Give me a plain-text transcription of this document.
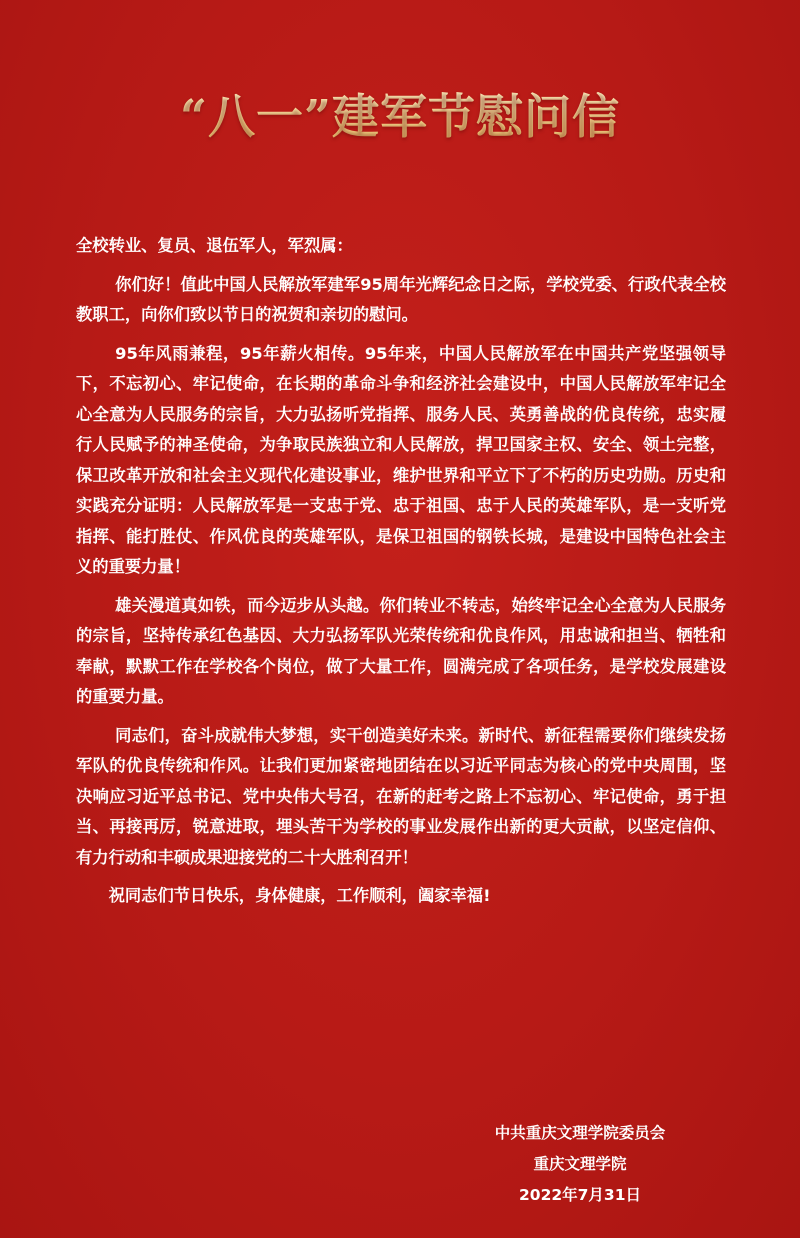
“八一”建军节慰问信

全校转业、复员、退伍军人，军烈属：

你们好！值此中国人民解放军建军95周年光辉纪念日之际，学校党委、行政代表全校教职工，向你们致以节日的祝贺和亲切的慰问。

95年风雨兼程，95年薪火相传。95年来，中国人民解放军在中国共产党坚强领导下，不忘初心、牢记使命，在长期的革命斗争和经济社会建设中，中国人民解放军牢记全心全意为人民服务的宗旨，大力弘扬听党指挥、服务人民、英勇善战的优良传统，忠实履行人民赋予的神圣使命，为争取民族独立和人民解放，捍卫国家主权、安全、领土完整，保卫改革开放和社会主义现代化建设事业，维护世界和平立下了不朽的历史功勋。历史和实践充分证明：人民解放军是一支忠于党、忠于祖国、忠于人民的英雄军队，是一支听党指挥、能打胜仗、作风优良的英雄军队，是保卫祖国的钢铁长城，是建设中国特色社会主义的重要力量！

雄关漫道真如铁，而今迈步从头越。你们转业不转志，始终牢记全心全意为人民服务的宗旨，坚持传承红色基因、大力弘扬军队光荣传统和优良作风，用忠诚和担当、牺牲和奉献，默默工作在学校各个岗位，做了大量工作，圆满完成了各项任务，是学校发展建设的重要力量。

同志们，奋斗成就伟大梦想，实干创造美好未来。新时代、新征程需要你们继续发扬军队的优良传统和作风。让我们更加紧密地团结在以习近平同志为核心的党中央周围，坚决响应习近平总书记、党中央伟大号召，在新的赶考之路上不忘初心、牢记使命，勇于担当、再接再厉，锐意进取，埋头苦干为学校的事业发展作出新的更大贡献，以坚定信仰、有力行动和丰硕成果迎接党的二十大胜利召开！

祝同志们节日快乐，身体健康，工作顺利，阖家幸福!

中共重庆文理学院委员会
重庆文理学院
2022年7月31日
